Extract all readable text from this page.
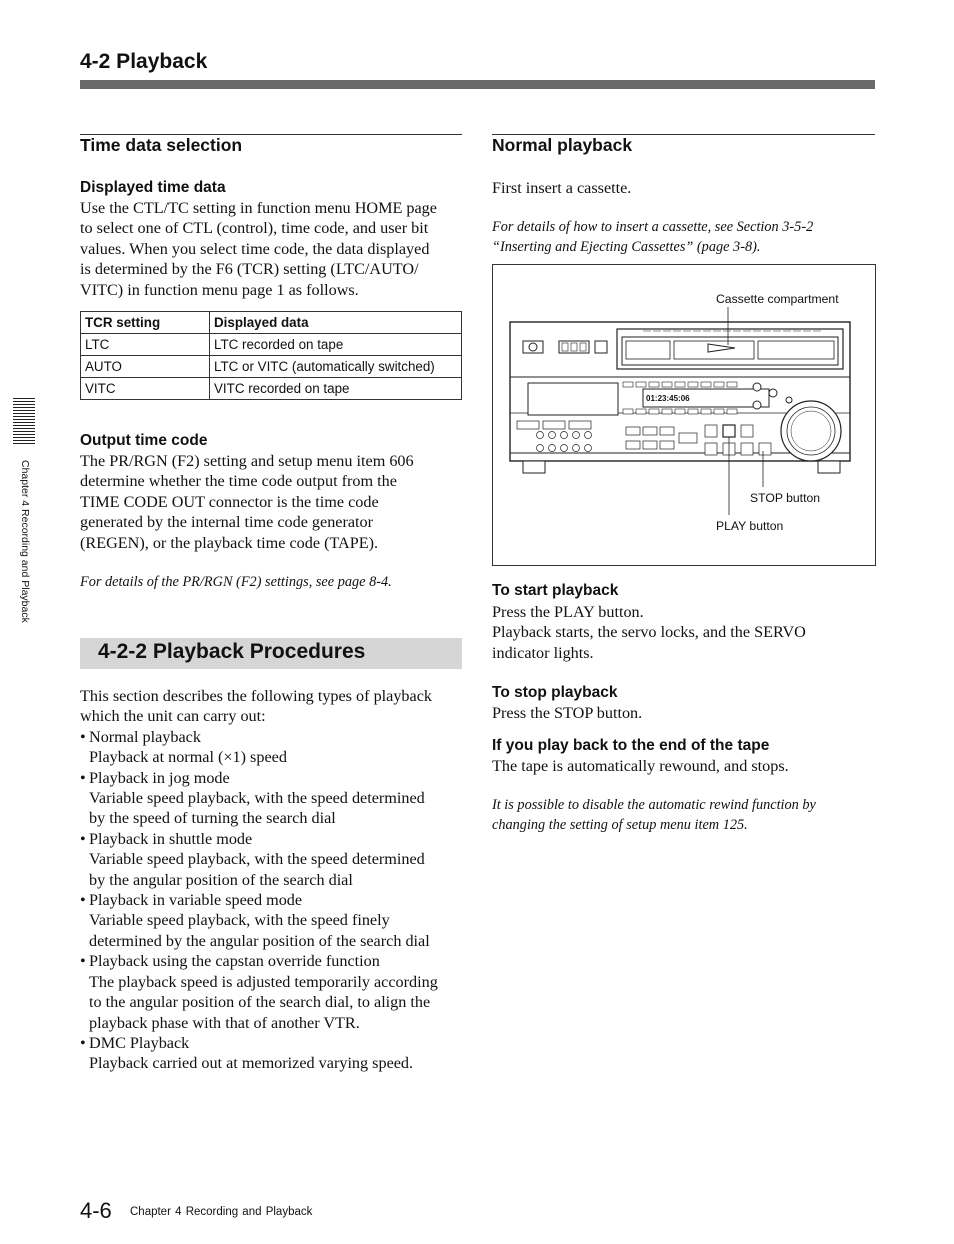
4-2 Playback
Chapter 4 Recording and Playback
Time data selection
Displayed time data
Use the CTL/TC setting in function menu HOME page
to select one of CTL (control), time code, and user bit
values. When you select time code, the data displayed
is determined by the F6 (TCR) setting (LTC/AUTO/
VITC) in function menu page 1 as follows.
TCR setting	Displayed data
LTC	LTC recorded on tape
AUTO	LTC or VITC (automatically switched)
VITC	VITC recorded on tape
Output time code
The PR/RGN (F2) setting and setup menu item 606
determine whether the time code output from the
TIME CODE OUT connector is the time code
generated by the internal time code generator
(REGEN), or the playback time code (TAPE).
For details of the PR/RGN (F2) settings, see page 8-4.
4-2-2 Playback Procedures
This section describes the following types of playback
which the unit can carry out:
• Normal playback
Playback at normal (×1) speed
• Playback in jog mode
Variable speed playback, with the speed determined
by the speed of turning the search dial
• Playback in shuttle mode
Variable speed playback, with the speed determined
by the angular position of the search dial
• Playback in variable speed mode
Variable speed playback, with the speed finely
determined by the angular position of the search dial
• Playback using the capstan override function
The playback speed is adjusted temporarily according
to the angular position of the search dial, to align the
playback phase with that of another VTR.
• DMC Playback
Playback carried out at memorized varying speed.
Normal playback
First insert a cassette.
For details of how to insert a cassette, see Section 3-5-2
“Inserting and Ejecting Cassettes” (page 3-8).
01:23:45:06
Cassette compartment
STOP button
PLAY button
To start playback
Press the PLAY button.
Playback starts, the servo locks, and the SERVO
indicator lights.
To stop playback
Press the STOP button.
If you play back to the end of the tape
The tape is automatically rewound, and stops.
It is possible to disable the automatic rewind function by
changing the setting of setup menu item 125.
4-6 Chapter 4 Recording and Playback
